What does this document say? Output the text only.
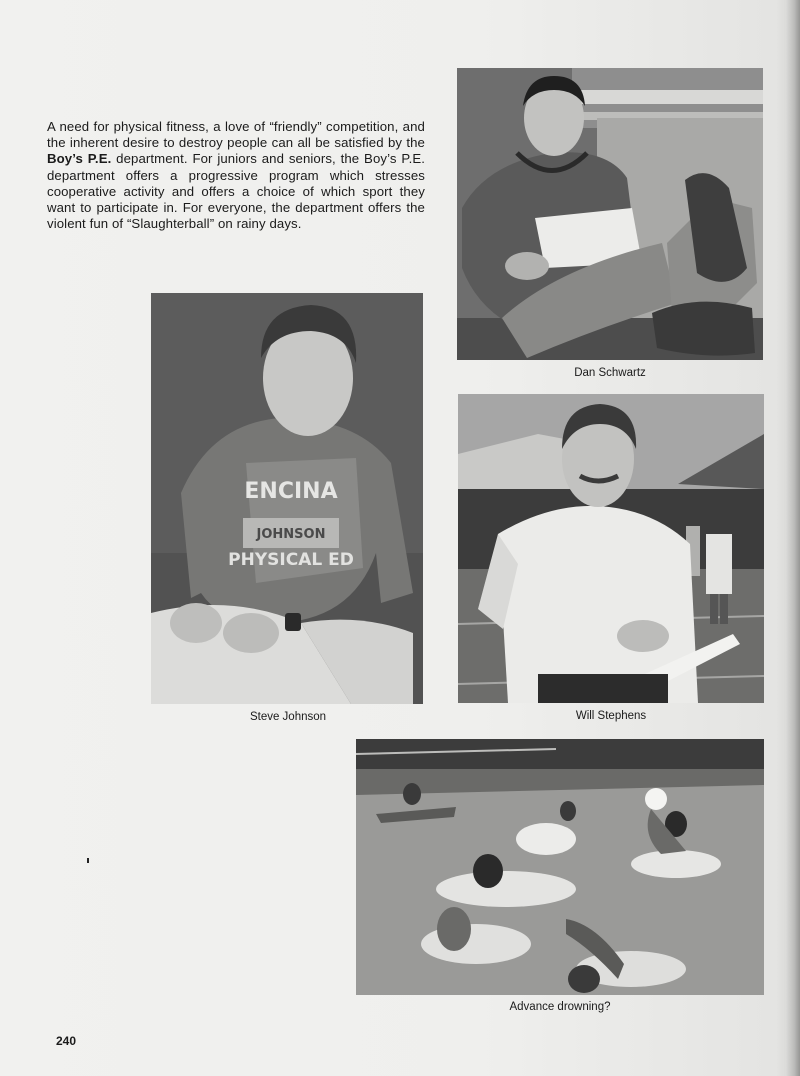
A need for physical fitness, a love of “friendly” competition, and the inherent desire to destroy people can all be satisfied by the Boy’s P.E. department. For juniors and seniors, the Boy’s P.E. department offers a progressive program which stresses cooperative activity and offers a choice of which sport they want to participate in. For everyone, the department offers the violent fun of “Slaughterball” on rainy days.

Dan Schwartz

ENCINA
JOHNSON
PHYSICAL ED

Steve Johnson	Will Stephens

Advance drowning?

240
